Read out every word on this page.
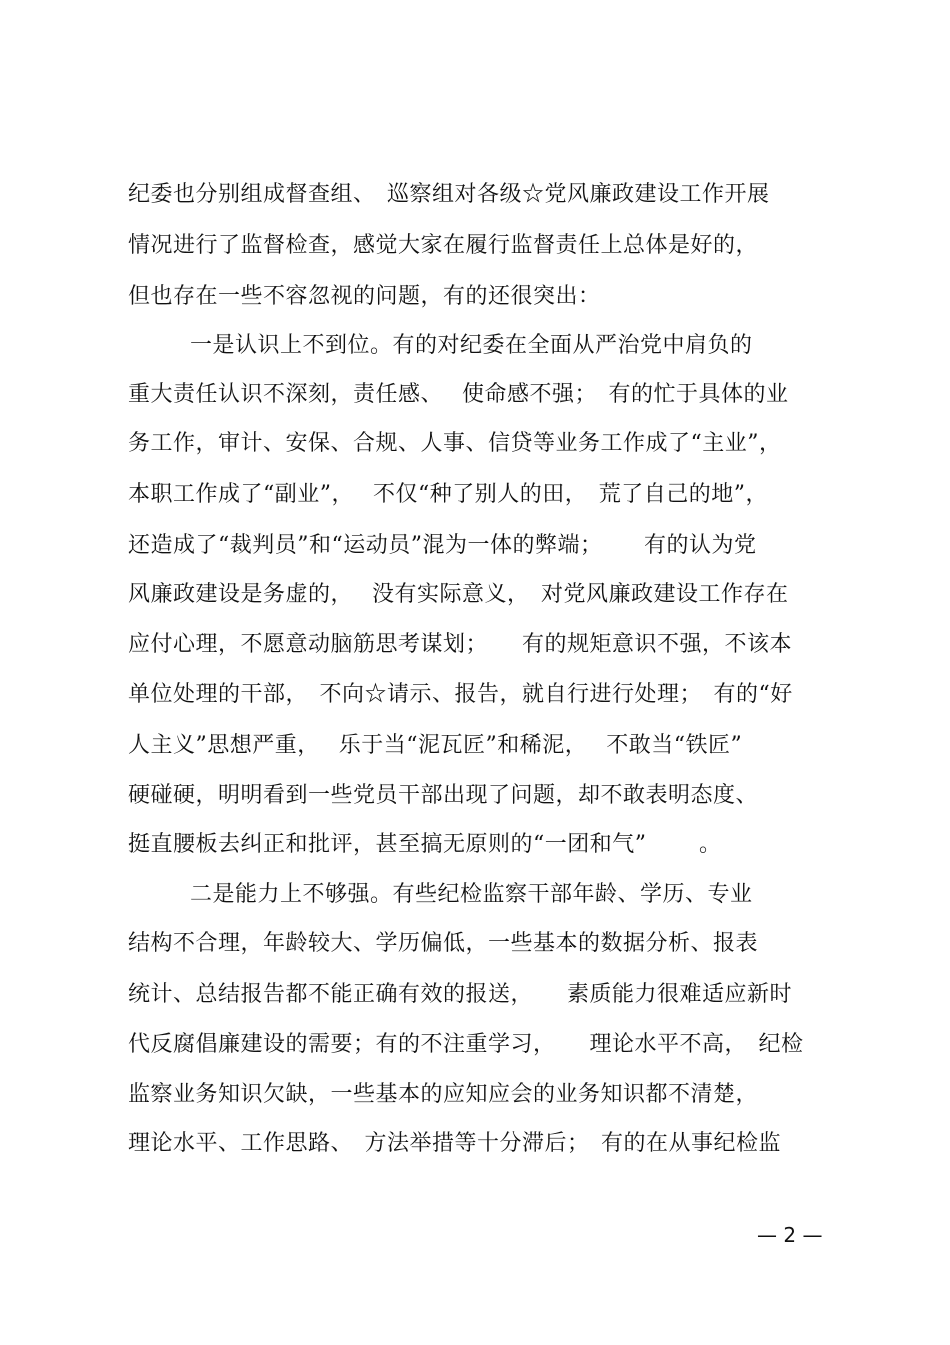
纪委也分别组成督查组、　巡察组对各级☆党风廉政建设工作开展
情况进行了监督检查，感觉大家在履行监督责任上总体是好的，
但也存在一些不容忽视的问题，有的还很突出：
一是认识上不到位。有的对纪委在全面从严治党中肩负的
重大责任认识不深刻，责任感、　 使命感不强；　有的忙于具体的业
务工作，审计、安保、合规、人事、信贷等业务工作成了“主业”，
本职工作成了“副业”，　 不仅“种了别人的田，　荒了自己的地”，
还造成了“裁判员”和“运动员”混为一体的弊端；　　 有的认为党
风廉政建设是务虚的，　 没有实际意义，　对党风廉政建设工作存在
应付心理，不愿意动脑筋思考谋划；　　有的规矩意识不强，不该本
单位处理的干部，　不向☆请示、报告，就自行进行处理；　有的“好
人主义”思想严重，　 乐于当“泥瓦匠”和稀泥，　 不敢当“铁匠”
硬碰硬，明明看到一些党员干部出现了问题，却不敢表明态度、
挺直腰板去纠正和批评，甚至搞无原则的“一团和气”　　 。
二是能力上不够强。有些纪检监察干部年龄、学历、专业
结构不合理，年龄较大、学历偏低，一些基本的数据分析、报表
统计、总结报告都不能正确有效的报送，　　素质能力很难适应新时
代反腐倡廉建设的需要；有的不注重学习，　　理论水平不高，　纪检
监察业务知识欠缺，一些基本的应知应会的业务知识都不清楚，
理论水平、工作思路、　方法举措等十分滞后；　有的在从事纪检监
— 2 —
